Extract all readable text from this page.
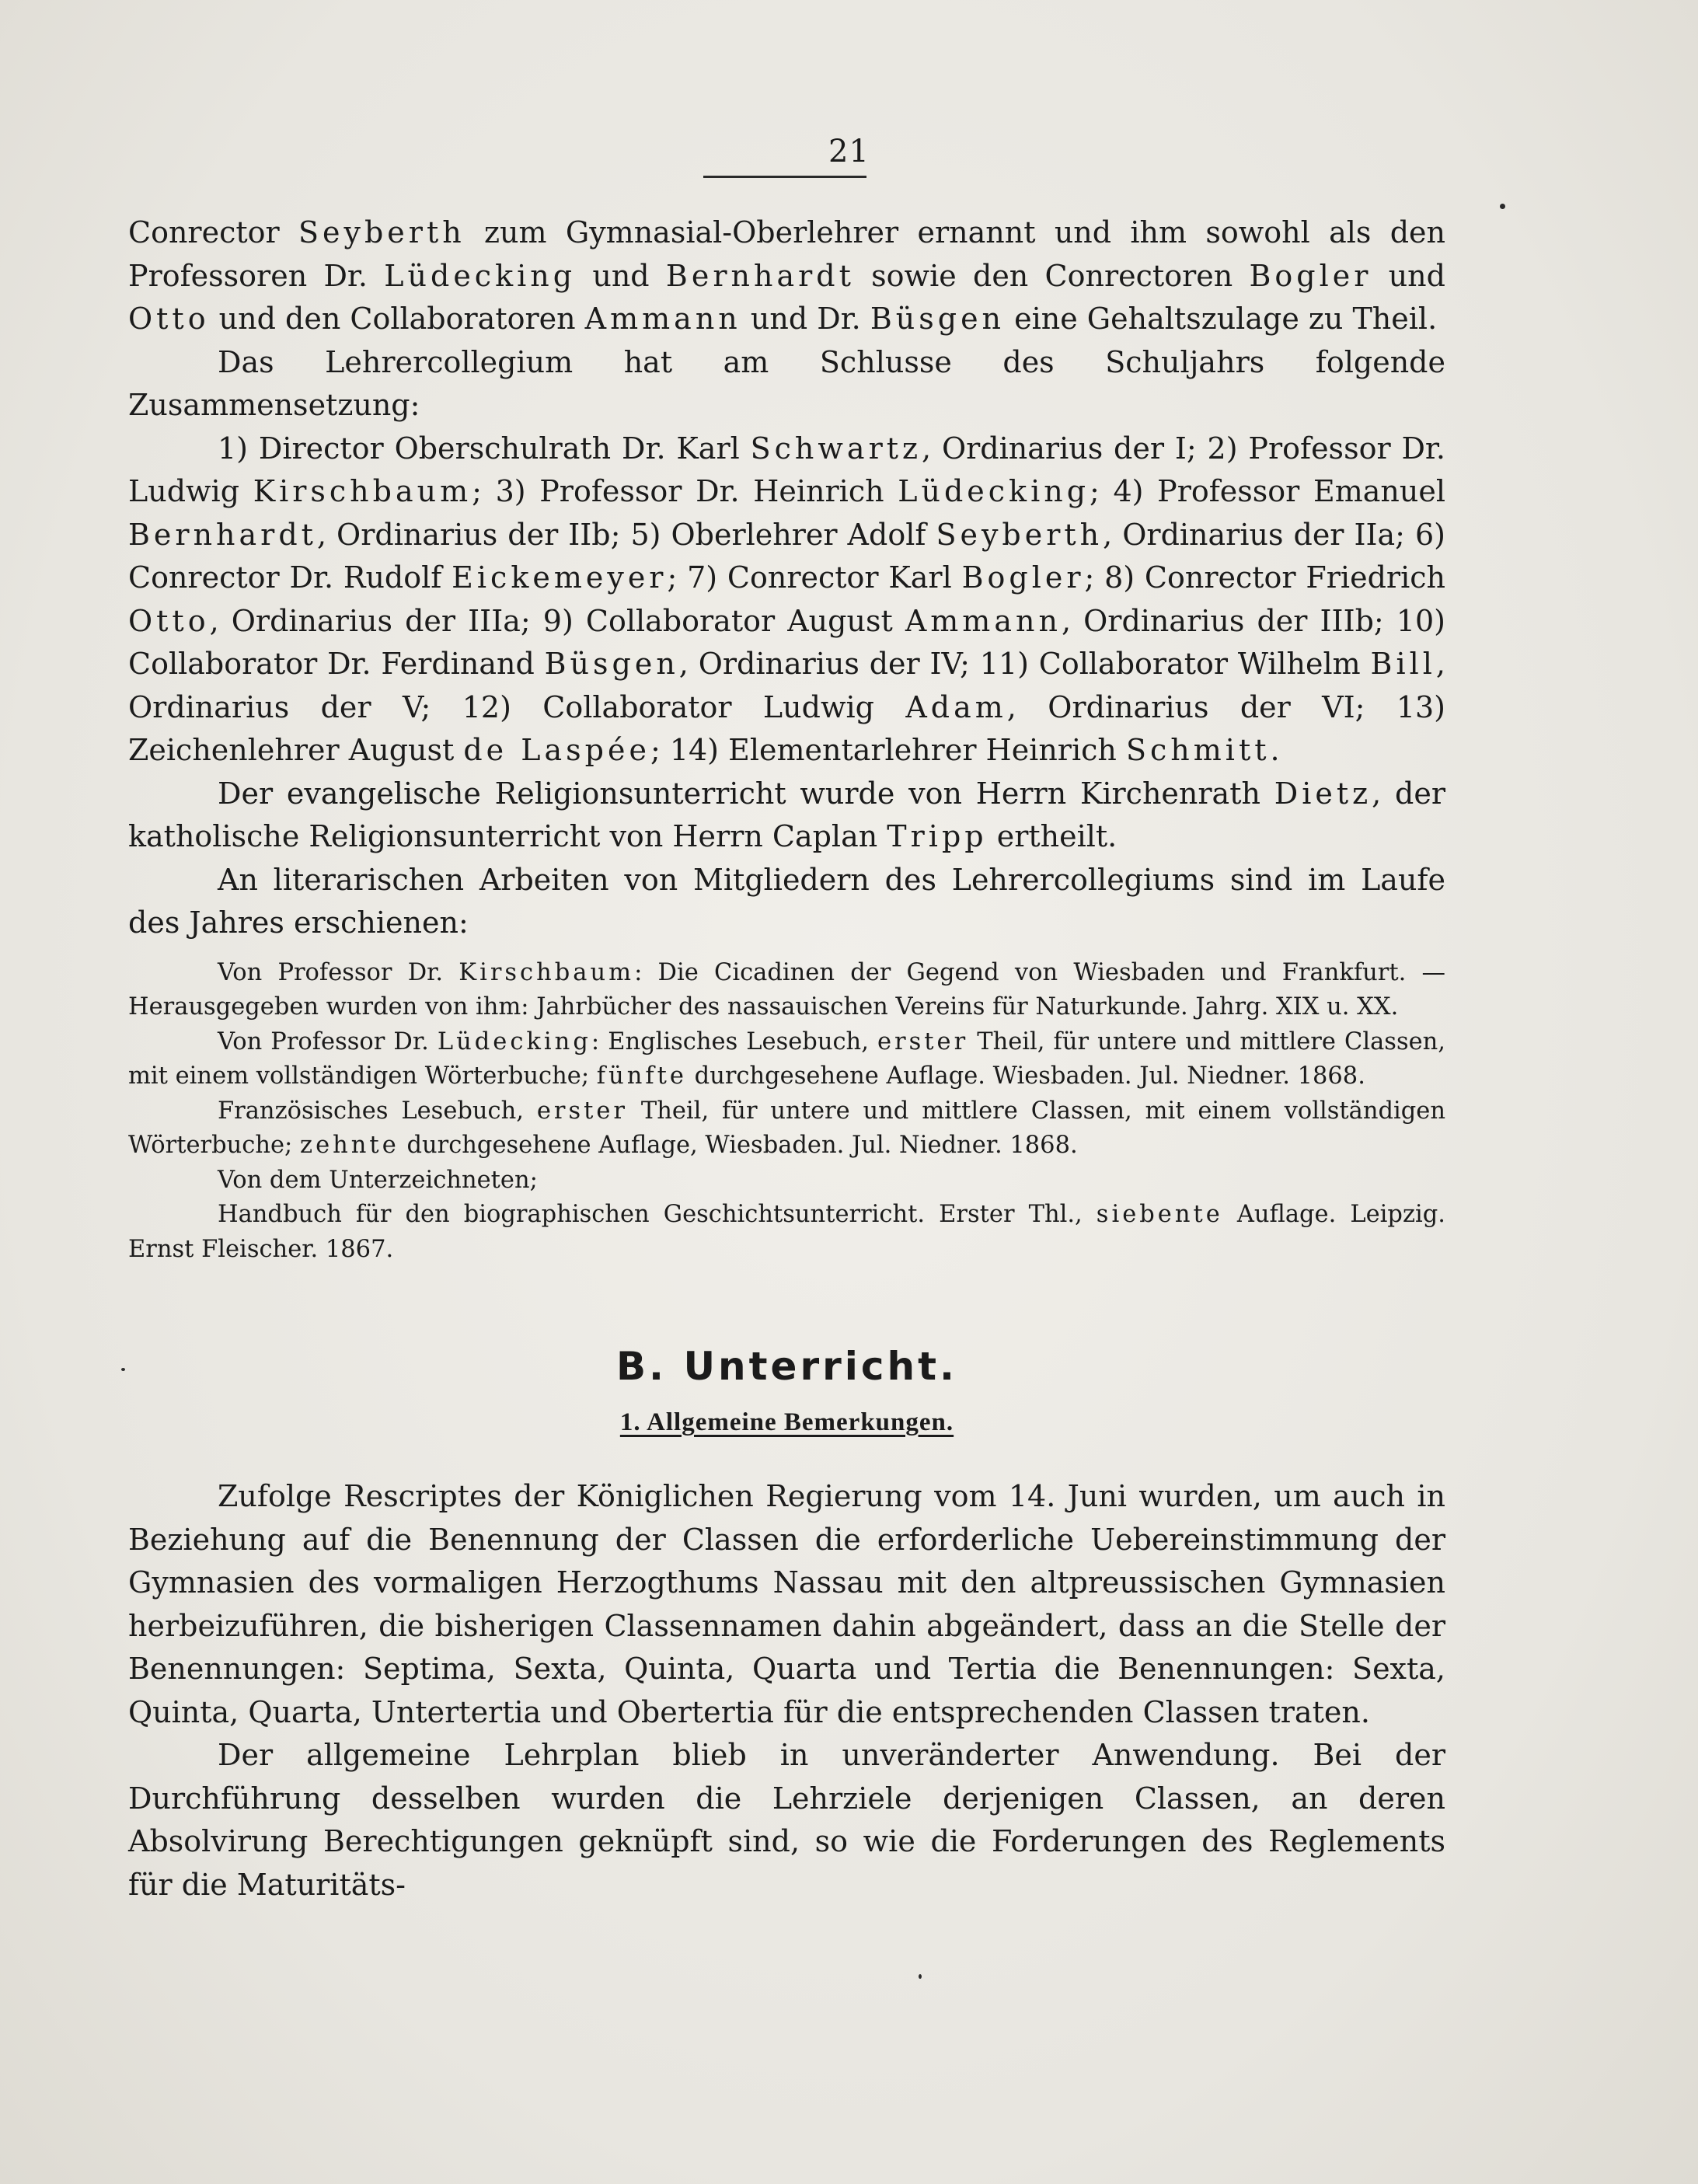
21

Conrector Seyberth zum Gymnasial-Oberlehrer ernannt und ihm sowohl als den Professoren Dr. Lüdecking und Bernhardt sowie den Conrectoren Bogler und Otto und den Collaboratoren Ammann und Dr. Büsgen eine Gehaltszulage zu Theil.

Das Lehrercollegium hat am Schlusse des Schuljahrs folgende Zusammensetzung:

1) Director Oberschulrath Dr. Karl Schwartz, Ordinarius der I; 2) Professor Dr. Ludwig Kirschbaum; 3) Professor Dr. Heinrich Lüdecking; 4) Professor Emanuel Bernhardt, Ordinarius der IIb; 5) Oberlehrer Adolf Seyberth, Ordinarius der IIa; 6) Conrector Dr. Rudolf Eickemeyer; 7) Conrector Karl Bogler; 8) Conrector Friedrich Otto, Ordinarius der IIIa; 9) Collaborator August Ammann, Ordinarius der IIIb; 10) Collaborator Dr. Ferdinand Büsgen, Ordinarius der IV; 11) Collaborator Wilhelm Bill, Ordinarius der V; 12) Collaborator Ludwig Adam, Ordinarius der VI; 13) Zeichenlehrer August de Laspée; 14) Elementarlehrer Heinrich Schmitt.

Der evangelische Religionsunterricht wurde von Herrn Kirchenrath Dietz, der katholische Religionsunterricht von Herrn Caplan Tripp ertheilt.

An literarischen Arbeiten von Mitgliedern des Lehrercollegiums sind im Laufe des Jahres erschienen:

Von Professor Dr. Kirschbaum: Die Cicadinen der Gegend von Wiesbaden und Frankfurt. — Herausgegeben wurden von ihm: Jahrbücher des nassauischen Vereins für Naturkunde. Jahrg. XIX u. XX.

Von Professor Dr. Lüdecking: Englisches Lesebuch, erster Theil, für untere und mittlere Classen, mit einem vollständigen Wörterbuche; fünfte durchgesehene Auflage. Wiesbaden. Jul. Niedner. 1868.

Französisches Lesebuch, erster Theil, für untere und mittlere Classen, mit einem vollständigen Wörterbuche; zehnte durchgesehene Auflage, Wiesbaden. Jul. Niedner. 1868.

Von dem Unterzeichneten;

Handbuch für den biographischen Geschichtsunterricht. Erster Thl., siebente Auflage. Leipzig. Ernst Fleischer. 1867.

B. Unterricht.
1. Allgemeine Bemerkungen.

Zufolge Rescriptes der Königlichen Regierung vom 14. Juni wurden, um auch in Beziehung auf die Benennung der Classen die erforderliche Uebereinstimmung der Gymnasien des vormaligen Herzogthums Nassau mit den altpreussischen Gymnasien herbeizuführen, die bisherigen Classennamen dahin abgeändert, dass an die Stelle der Benennungen: Septima, Sexta, Quinta, Quarta und Tertia die Benennungen: Sexta, Quinta, Quarta, Untertertia und Obertertia für die entsprechenden Classen traten.

Der allgemeine Lehrplan blieb in unveränderter Anwendung. Bei der Durchführung desselben wurden die Lehrziele derjenigen Classen, an deren Absolvirung Berechtigungen geknüpft sind, so wie die Forderungen des Reglements für die Maturitäts-
